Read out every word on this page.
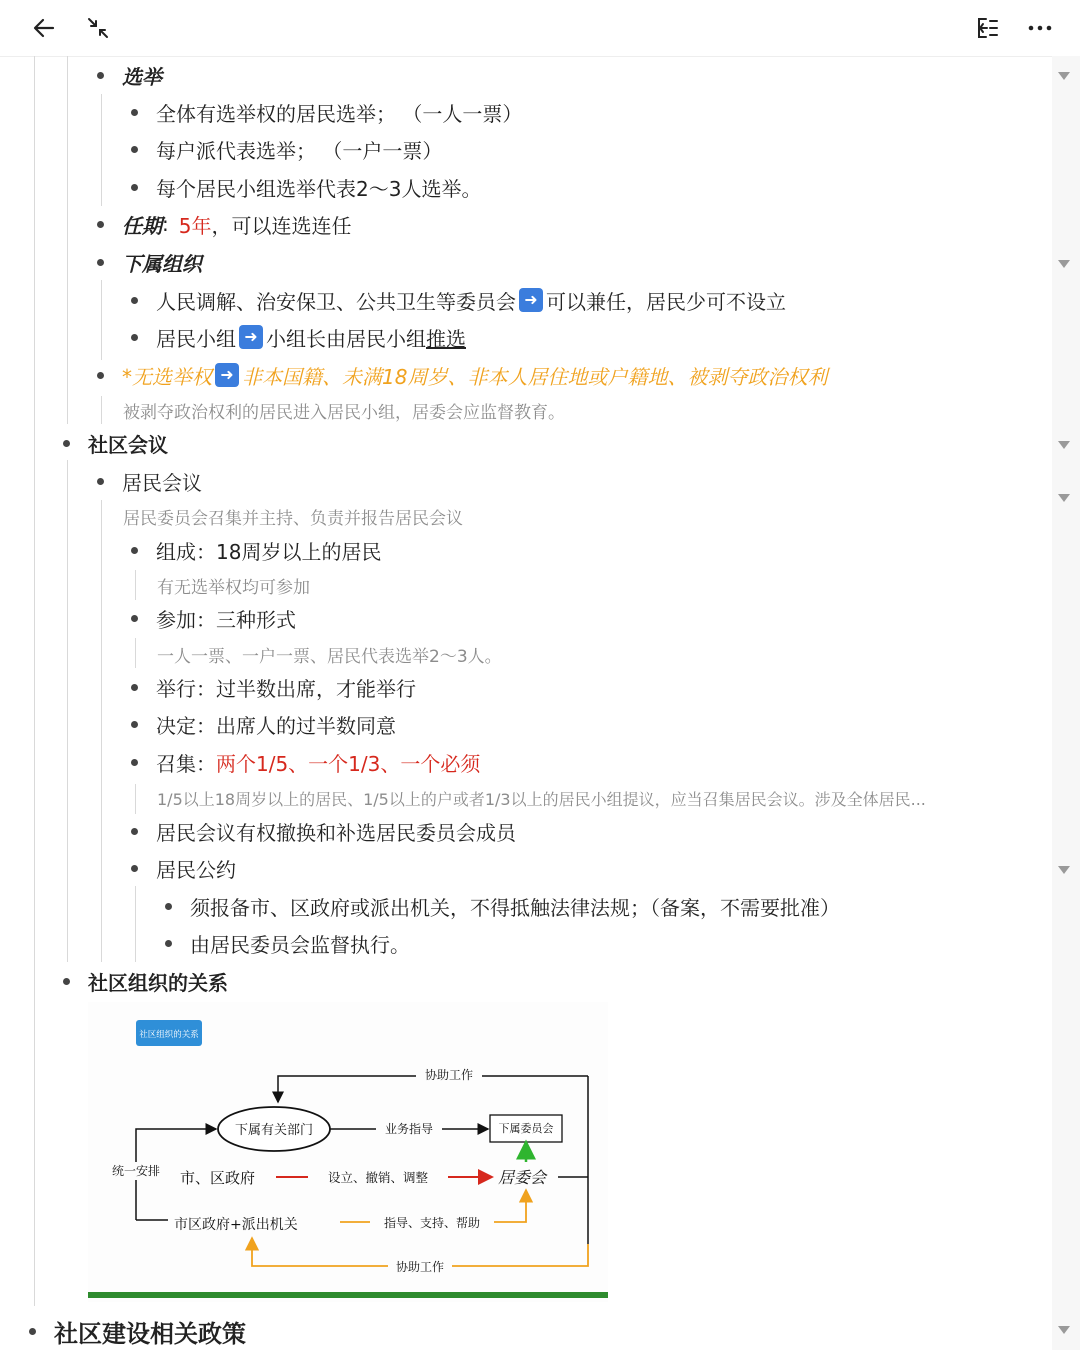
选举
全体有选举权的居民选举； （一人一票）
每户派代表选举； （一户一票）
每个居民小组选举代表2～3人选举。
任期 : 5年 ，可以连选连任
下属组织
人民调解、治安保卫、公共卫生等委员会 ➜ 可以兼任，居民少可不设立
居民小组 ➜ 小组长由居民小组 推选
*无选举权 ➜ 非本国籍、未满18周岁、非本人居住地或户籍地、被剥夺政治权利
被剥夺政治权利的居民进入居民小组，居委会应监督教育。
社区会议
居民会议
居民委员会召集并主持、负责并报告居民会议
组成：18周岁以上的居民
有无选举权均可参加
参加：三种形式
一人一票、一户一票、居民代表选举2～3人。
举行：过半数出席，才能举行
决定：出席人的过半数同意
召集： 两个1/5、一个1/3、一个必须
1/5以上18周岁以上的居民、1/5以上的户或者1/3以上的居民小组提议，应当召集居民会议。涉及全体居民...
居民会议有权撤换和补选居民委员会成员
居民公约
须报备市、区政府或派出机关，不得抵触法律法规；（备案，不需要批准）
由居民委员会监督执行。
社区组织的关系
社区组织的关系
协助工作
下属有关部门	业务指导	下属委员会
统一安排 市、区政府	设立、撤销、调整	居委会
市区政府+派出机关	指导、支持、帮助
协助工作
社区建设相关政策
